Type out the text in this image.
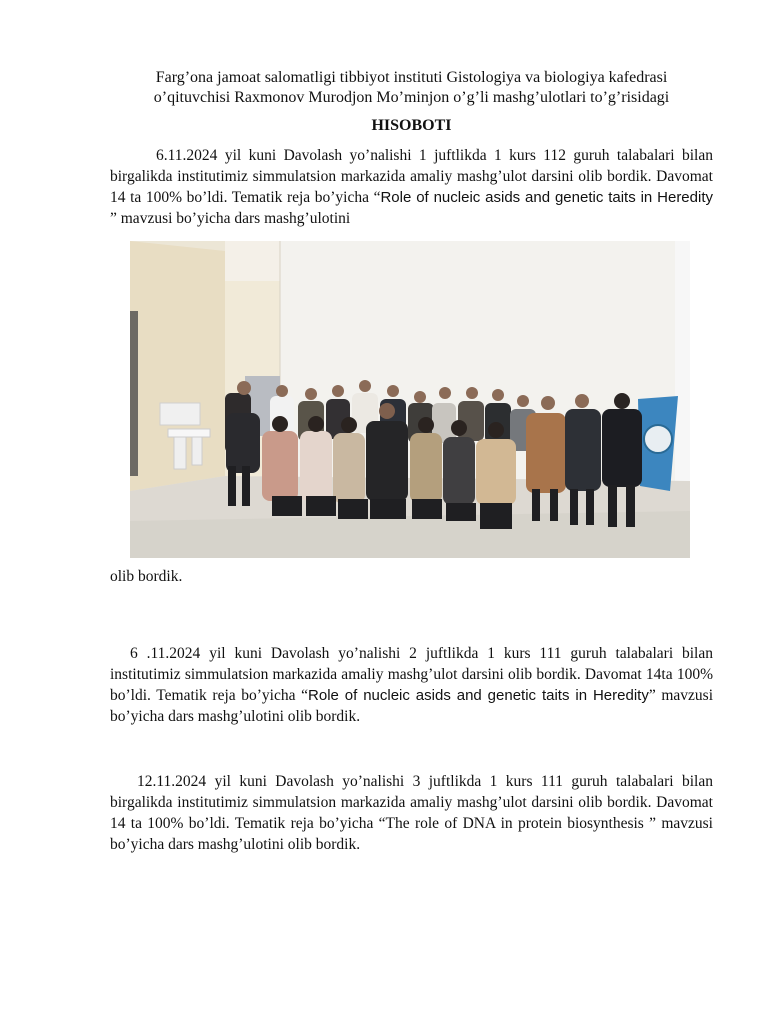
Farg’ona jamoat salomatligi tibbiyot instituti Gistologiya va biologiya kafedrasi

o’qituvchisi Raxmonov Murodjon Mo’minjon o’g’li mashg’ulotlari to’g’risidagi

HISOBOTI

6.11.2024 yil kuni Davolash yo’nalishi 1 juftlikda 1 kurs 112 guruh talabalari bilan birgalikda institutimiz simmulatsion markazida amaliy mashg’ulot darsini olib bordik. Davomat 14 ta 100% bo’ldi. Tematik reja bo’yicha “Role of nucleic asids and genetic taits in Heredity ” mavzusi bo’yicha dars mashg’ulotini

olib bordik.

6 .11.2024 yil kuni Davolash yo’nalishi 2 juftlikda 1 kurs 111 guruh talabalari bilan institutimiz simmulatsion markazida amaliy mashg’ulot darsini olib bordik. Davomat 14ta 100% bo’ldi. Tematik reja bo’yicha “Role of nucleic asids and genetic taits in Heredity” mavzusi bo’yicha dars mashg’ulotini olib bordik.

12.11.2024 yil kuni Davolash yo’nalishi 3 juftlikda 1 kurs 111 guruh talabalari bilan birgalikda institutimiz simmulatsion markazida amaliy mashg’ulot darsini olib bordik. Davomat 14 ta 100% bo’ldi. Tematik reja bo’yicha “The role of DNA in protein biosynthesis ” mavzusi bo’yicha dars mashg’ulotini olib bordik.
